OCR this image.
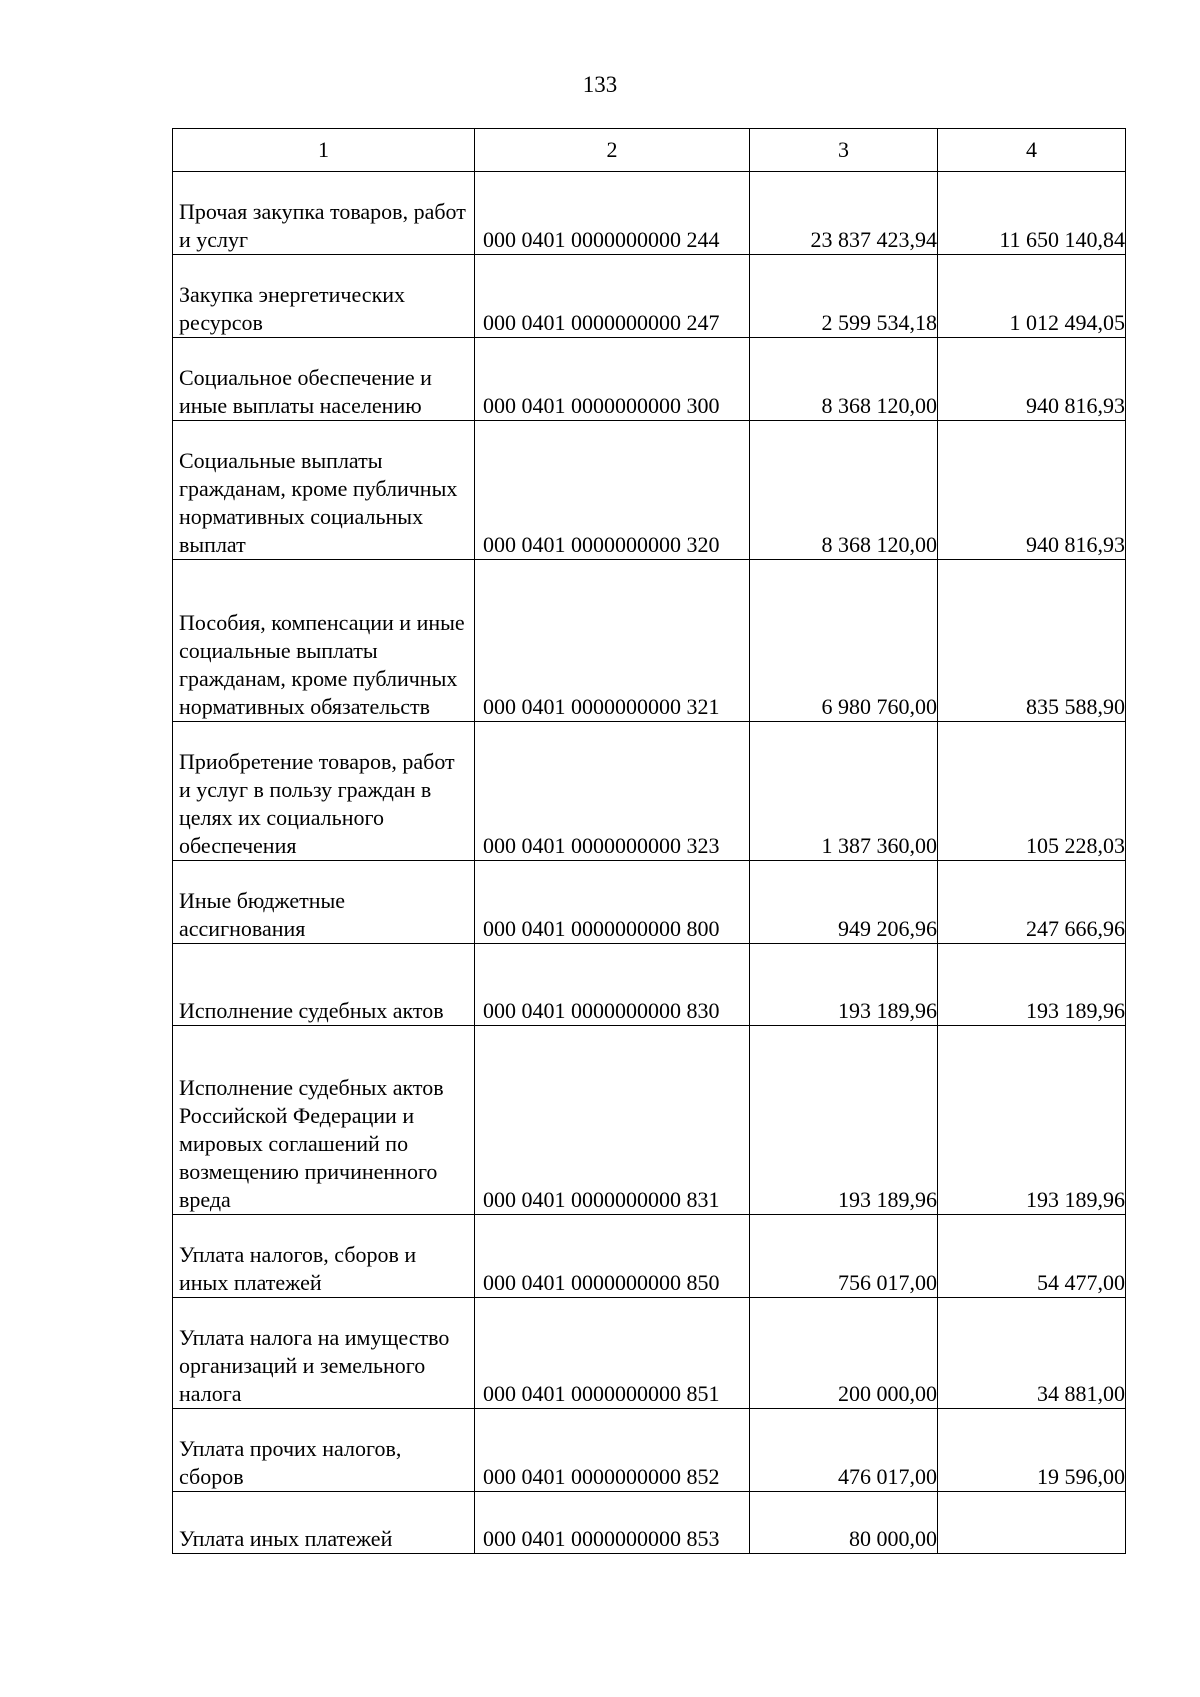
133
1	2	3	4
Прочая закупка товаров, работ и услуг	000 0401 0000000000 244	23 837 423,94	11 650 140,84
Закупка энергетических ресурсов	000 0401 0000000000 247	2 599 534,18	1 012 494,05
Социальное обеспечение и иные выплаты населению	000 0401 0000000000 300	8 368 120,00	940 816,93
Социальные выплаты гражданам, кроме публичных нормативных социальных выплат	000 0401 0000000000 320	8 368 120,00	940 816,93
Пособия, компенсации и иные социальные выплаты гражданам, кроме публичных нормативных обязательств	000 0401 0000000000 321	6 980 760,00	835 588,90
Приобретение товаров, работ и услуг в пользу граждан в целях их социального обеспечения	000 0401 0000000000 323	1 387 360,00	105 228,03
Иные бюджетные ассигнования	000 0401 0000000000 800	949 206,96	247 666,96
Исполнение судебных актов	000 0401 0000000000 830	193 189,96	193 189,96
Исполнение судебных актов Российской Федерации и мировых соглашений по возмещению причиненного вреда	000 0401 0000000000 831	193 189,96	193 189,96
Уплата налогов, сборов и иных платежей	000 0401 0000000000 850	756 017,00	54 477,00
Уплата налога на имущество организаций и земельного налога	000 0401 0000000000 851	200 000,00	34 881,00
Уплата прочих налогов, сборов	000 0401 0000000000 852	476 017,00	19 596,00
Уплата иных платежей	000 0401 0000000000 853	80 000,00	
